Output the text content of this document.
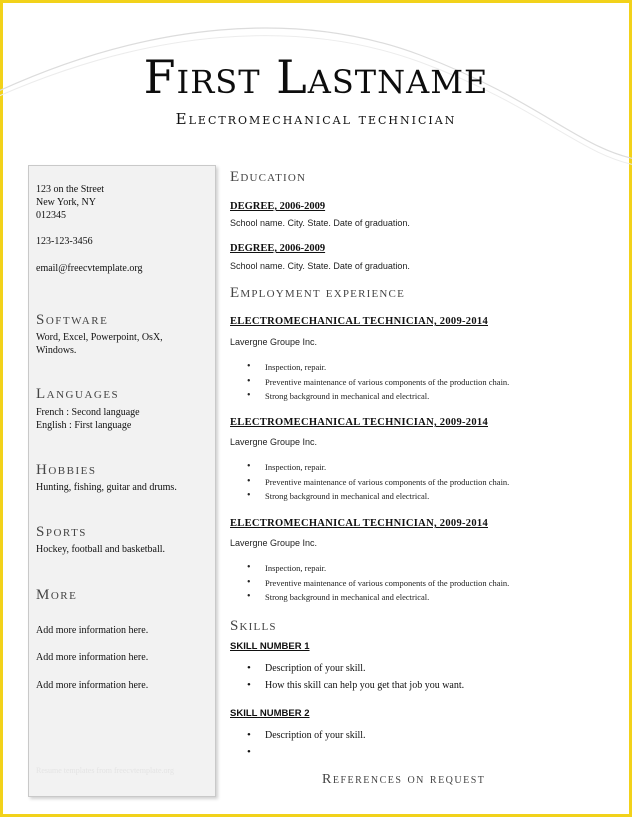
First Lastname
Electromechanical technician
123 on the Street
New York, NY
012345
123-123-3456
email@freecvtemplate.org
Software
Word, Excel, Powerpoint, OsX,
Windows.
Languages
French : Second language
English : First language
Hobbies
Hunting, fishing, guitar and drums.
Sports
Hockey, football and basketball.
More
Add more information here.
Add more information here.
Add more information here.
Resume templates from freecvtemplate.org
Education
DEGREE, 2006-2009
School name. City. State. Date of graduation.
DEGREE, 2006-2009
School name. City. State. Date of graduation.
Employment experience
ELECTROMECHANICAL TECHNICIAN, 2009-2014
Lavergne Groupe Inc.
• Inspection, repair.
• Preventive maintenance of various components of the production chain.
• Strong background in mechanical and electrical.
ELECTROMECHANICAL TECHNICIAN, 2009-2014
Lavergne Groupe Inc.
• Inspection, repair.
• Preventive maintenance of various components of the production chain.
• Strong background in mechanical and electrical.
ELECTROMECHANICAL TECHNICIAN, 2009-2014
Lavergne Groupe Inc.
• Inspection, repair.
• Preventive maintenance of various components of the production chain.
• Strong background in mechanical and electrical.
Skills
SKILL NUMBER 1
• Description of your skill.
• How this skill can help you get that job you want.
SKILL NUMBER 2
• Description of your skill.
•
References on request
